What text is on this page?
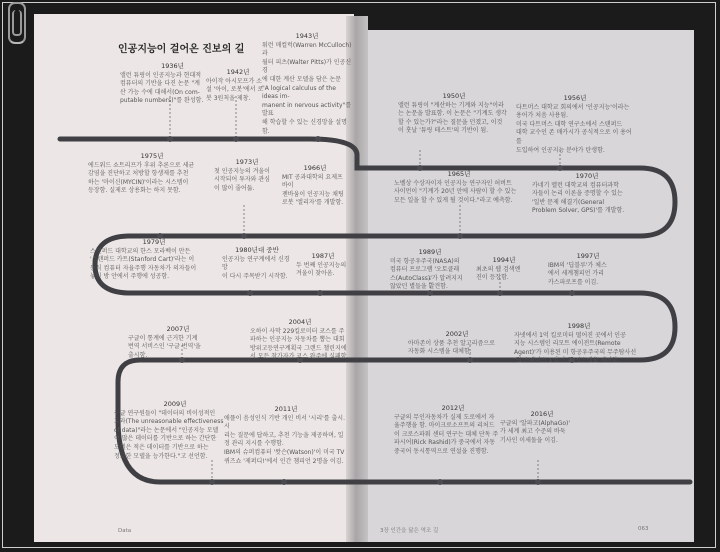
인공지능이 걸어온 진보의 길
1936년
앨런 튜링이 인공지능과 현대적
컴퓨터의 기반을 다진 논문 "계
산 가능 수에 대해서(On com-
putable numbers)"를 완성함.
1942년
아이작 아시모프가 소
설 '아이, 로봇'에서 로
봇 3원칙을 제창.
1943년
워런 매컬럭(Warren McCulloch)과
월터 피츠(Walter Pitts)가 인공신경
에 대한 계산 모델을 담은 논문
"A logical calculus of the ideas im-
manent in nervous activity"를 발표
해 학습할 수 있는 신경망을 설명함.
1975년
에드워드 쇼트리프가 후위 추론으로 세균
감염을 진단하고 처방할 항생제를 추천
하는 '마이신(MYCIN)'이라는 시스템이
등장함. 실제로 상용화는 하지 못함.
1973년
첫 인공지능의 겨울이
시작되어 투자와 관심
이 많이 줄어듦.
1966년
MIT 공과대학의 요제프 바이
젠바움이 인공지능 채팅
로봇 '엘리자'를 개발함.
1979년
스탠퍼드 대학교의 한스 모라벡이 만든
'스탠퍼드 카트(Stanford Cart)'라는 이
동식 컴퓨터 자율주행 자동차가 의자들이
놓인 방 안에서 주행에 성공함.
1980년대 중반
인공지능 연구계에서 신경망
이 다시 주목받기 시작함.
1987년
두 번째 인공지능의
겨울이 찾아옴.
2007년
구글이 통계에 근거한 기계
번역 서비스인 '구글 번역'을
출시함.
2004년
오하이 사막 229킬로미터 코스를 주
파하는 인공지능 자동차를 뽑는 대회
방위고등연구계획국 그랜드 챌린지에
서 모든 참가자가 코스 완주에 실패함.
2009년
구글 연구원들이 "데이터의 비이성적인
효과(The unreasonable effectiveness
of data)"라는 논문에서 "인공지능 모델
이 많은 데이터를 기반으로 하는 간단한
모델은 적은 데이터를 기반으로 하는
정교한 모델을 능가한다."고 선언함.
2011년
애플이 음성인식 기반 개인 비서 '시리'를 출시. 시
리는 질문에 답하고, 추천 기능을 제공하며, 일
정 관리 지시를 수행함.
IBM의 슈퍼컴퓨터 '왓슨(Watson)'이 미국 TV
퀴즈쇼 '제퍼디!'에서 인간 챔피언 2명을 이김.
1950년
앨런 튜링이 "계산하는 기계와 지능"이라
는 논문을 발표함. 이 논문은 "기계도 생각
할 수 있는가?"라는 질문을 던졌고, 이것
이 훗날 '튜링 테스트'의 기반이 됨.
1956년
다트머스 대학교 회의에서 '인공지능'이라는
용어가 처음 사용됨.
미국 다트머스 대학 연구소에서 스탠퍼드
대학 교수인 존 매카시가 공식적으로 이 용어를
도입하여 인공지능 분야가 탄생함.
1965년
노벨상 수상자이자 인공지능 연구자인 허버트
사이먼이 "기계가 20년 안에 사람이 할 수 있는
모든 일을 할 수 있게 될 것이다."라고 예측함.
1970년
카네기 멜런 대학교의 컴퓨터과학
자들이 논리 이론을 증명할 수 있는
'일반 문제 해결기(General
Problem Solver, GPS)'를 개발함.
1989년
미국 항공우주국(NASA)의
컴퓨터 프로그램 '오토클래
스(AutoClass)'가 알려지지
않았던 별들을 발견함.
1994년
최초의 웹 검색엔
진이 등장함.
1997년
IBM의 '딥블루'가 체스
에서 세계챔피언 가리
카스파로프를 이김.
2002년
아마존이 상품 추천 알고리즘으로
자동화 시스템을 대체함.
1998년
자넷에서 1억 킬로미터 떨어진 곳에서 인공
지능 시스템인 리모트 에이전트(Remote
Agent)'가 이용된 미 항공우주국의 무주탐사선
'딥 스페이스 1'호가 주 시스템을 제어함.
2012년
구글의 무인자동차가 실제 도로에서 자
율주행을 함. 마이크로소프트의 리처드
이 크로스파워 센터 연구는 대체 단독 주
파시어(Rick Rashid)가 중국에서 자동
중국어 동시통역으로 연설을 진행함.
2016년
구글의 '알파고(AlphaGo)'
가 세계 최고 수준의 바둑
기사인 이세돌을 이김.
Data	3장 인간을 닮은 역조 길	063
